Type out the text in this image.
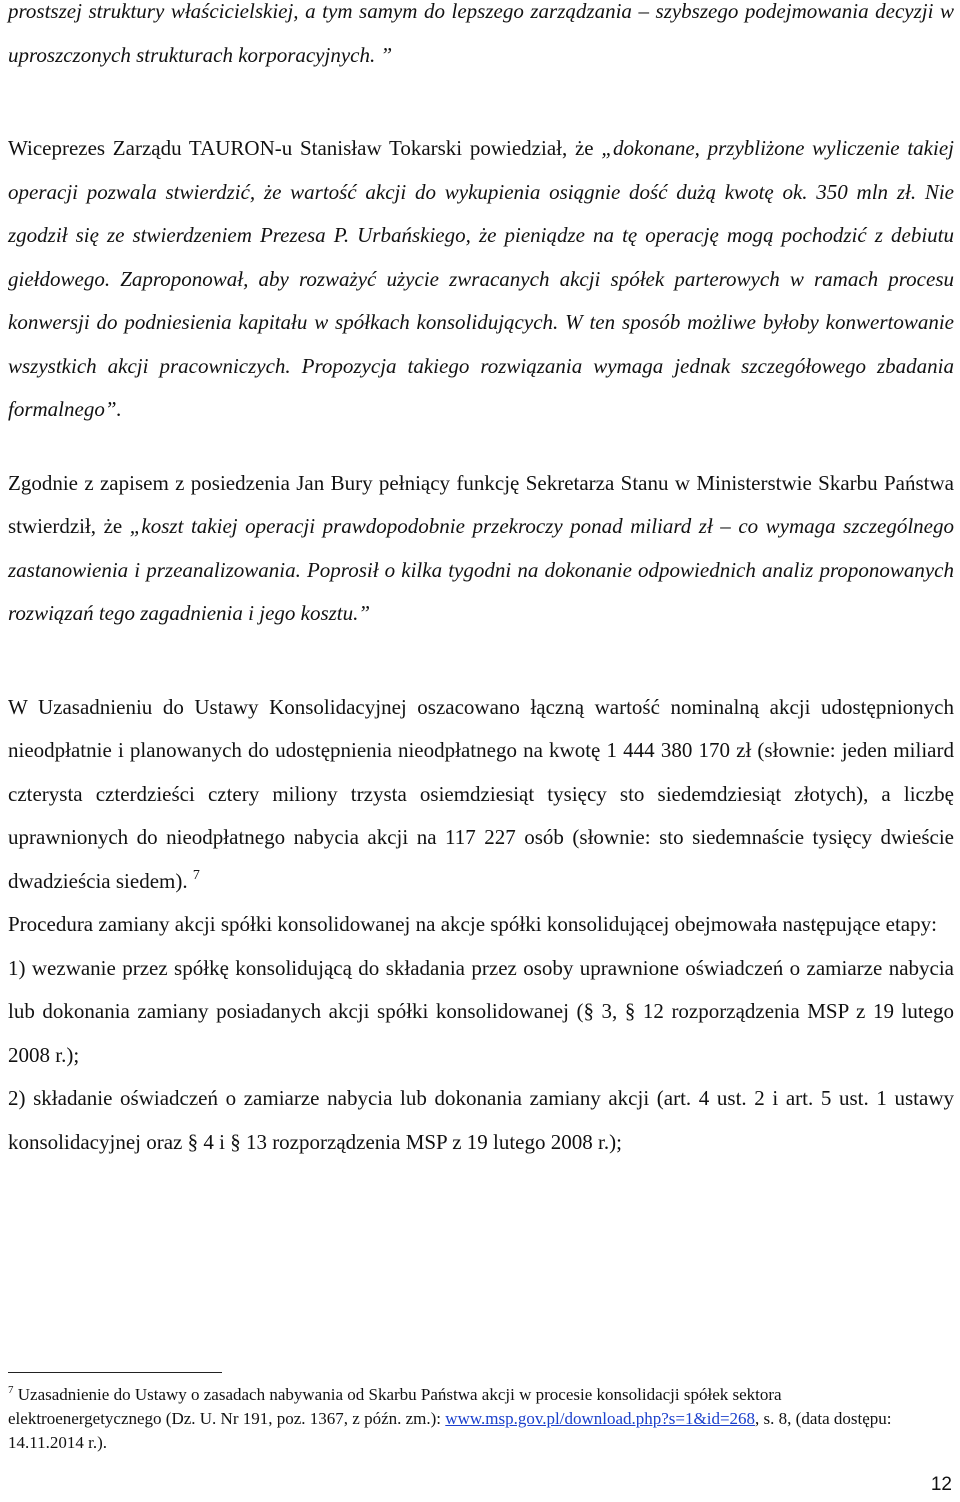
prostszej struktury właścicielskiej, a tym samym do lepszego zarządzania – szybszego podejmowania decyzji w uproszczonych strukturach korporacyjnych. ”

Wiceprezes Zarządu TAURON-u Stanisław Tokarski powiedział, że „dokonane, przybliżone wyliczenie takiej operacji pozwala stwierdzić, że wartość akcji do wykupienia osiągnie dość dużą kwotę ok. 350 mln zł. Nie zgodził się ze stwierdzeniem Prezesa P. Urbańskiego, że pieniądze na tę operację mogą pochodzić z debiutu giełdowego. Zaproponował, aby rozważyć użycie zwracanych akcji spółek parterowych w ramach procesu konwersji do podniesienia kapitału w spółkach konsolidujących. W ten sposób możliwe byłoby konwertowanie wszystkich akcji pracowniczych. Propozycja takiego rozwiązania wymaga jednak szczegółowego zbadania formalnego”.

Zgodnie z zapisem z posiedzenia Jan Bury pełniący funkcję Sekretarza Stanu w Ministerstwie Skarbu Państwa stwierdził, że „koszt takiej operacji prawdopodobnie przekroczy ponad miliard zł – co wymaga szczególnego zastanowienia i przeanalizowania. Poprosił o kilka tygodni na dokonanie odpowiednich analiz proponowanych rozwiązań tego zagadnienia i jego kosztu.”

W Uzasadnieniu do Ustawy Konsolidacyjnej oszacowano łączną wartość nominalną akcji udostępnionych nieodpłatnie i planowanych do udostępnienia nieodpłatnego na kwotę 1 444 380 170 zł (słownie: jeden miliard czterysta czterdzieści cztery miliony trzysta osiemdziesiąt tysięcy sto siedemdziesiąt złotych), a liczbę uprawnionych do nieodpłatnego nabycia akcji na 117 227 osób (słownie: sto siedemnaście tysięcy dwieście dwadzieścia siedem). $^7$

Procedura zamiany akcji spółki konsolidowanej na akcje spółki konsolidującej obejmowała następujące etapy:

1) wezwanie przez spółkę konsolidującą do składania przez osoby uprawnione oświadczeń o zamiarze nabycia lub dokonania zamiany posiadanych akcji spółki konsolidowanej (§ 3, § 12 rozporządzenia MSP z 19 lutego 2008 r.);

2) składanie oświadczeń o zamiarze nabycia lub dokonania zamiany akcji (art. 4 ust. 2 i art. 5 ust. 1 ustawy konsolidacyjnej oraz § 4 i § 13 rozporządzenia MSP z 19 lutego 2008 r.);

$^7$ Uzasadnienie do Ustawy o zasadach nabywania od Skarbu Państwa akcji w procesie konsolidacji spółek sektora elektroenergetycznego (Dz. U. Nr 191, poz. 1367, z późn. zm.): www.msp.gov.pl/download.php?s=1&id=268, s. 8, (data dostępu: 14.11.2014 r.).
12
